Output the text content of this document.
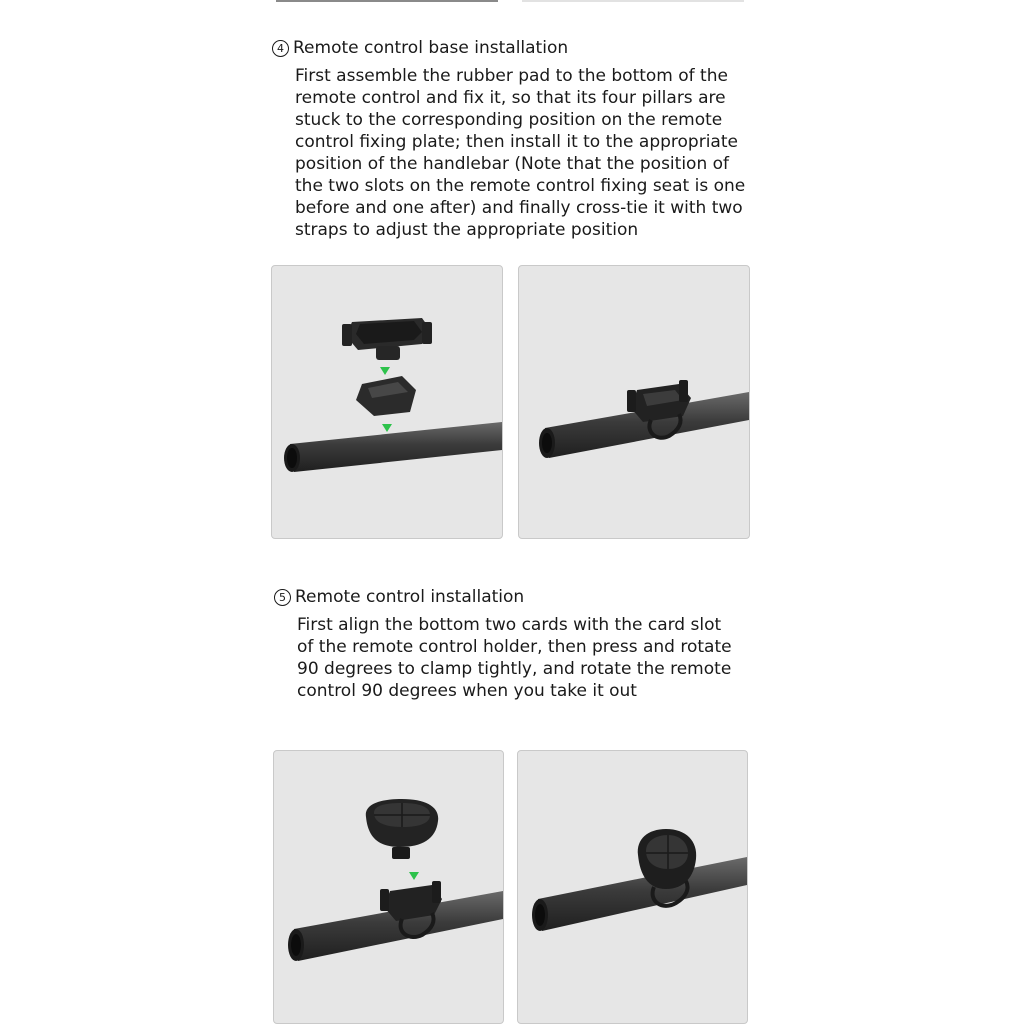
4 Remote control base installation
First assemble the rubber pad to the bottom of the
remote control and fix it, so that its four pillars are
stuck to the corresponding position on the remote
control fixing plate; then install it to the appropriate
position of the handlebar (Note that the position of
the two slots on the remote control fixing seat is one
before and one after) and finally cross-tie it with two
straps to adjust the appropriate position
5 Remote control installation
First align the bottom two cards with the card slot
of the remote control holder, then press and rotate
90 degrees to clamp tightly, and rotate the remote
control 90 degrees when you take it out
